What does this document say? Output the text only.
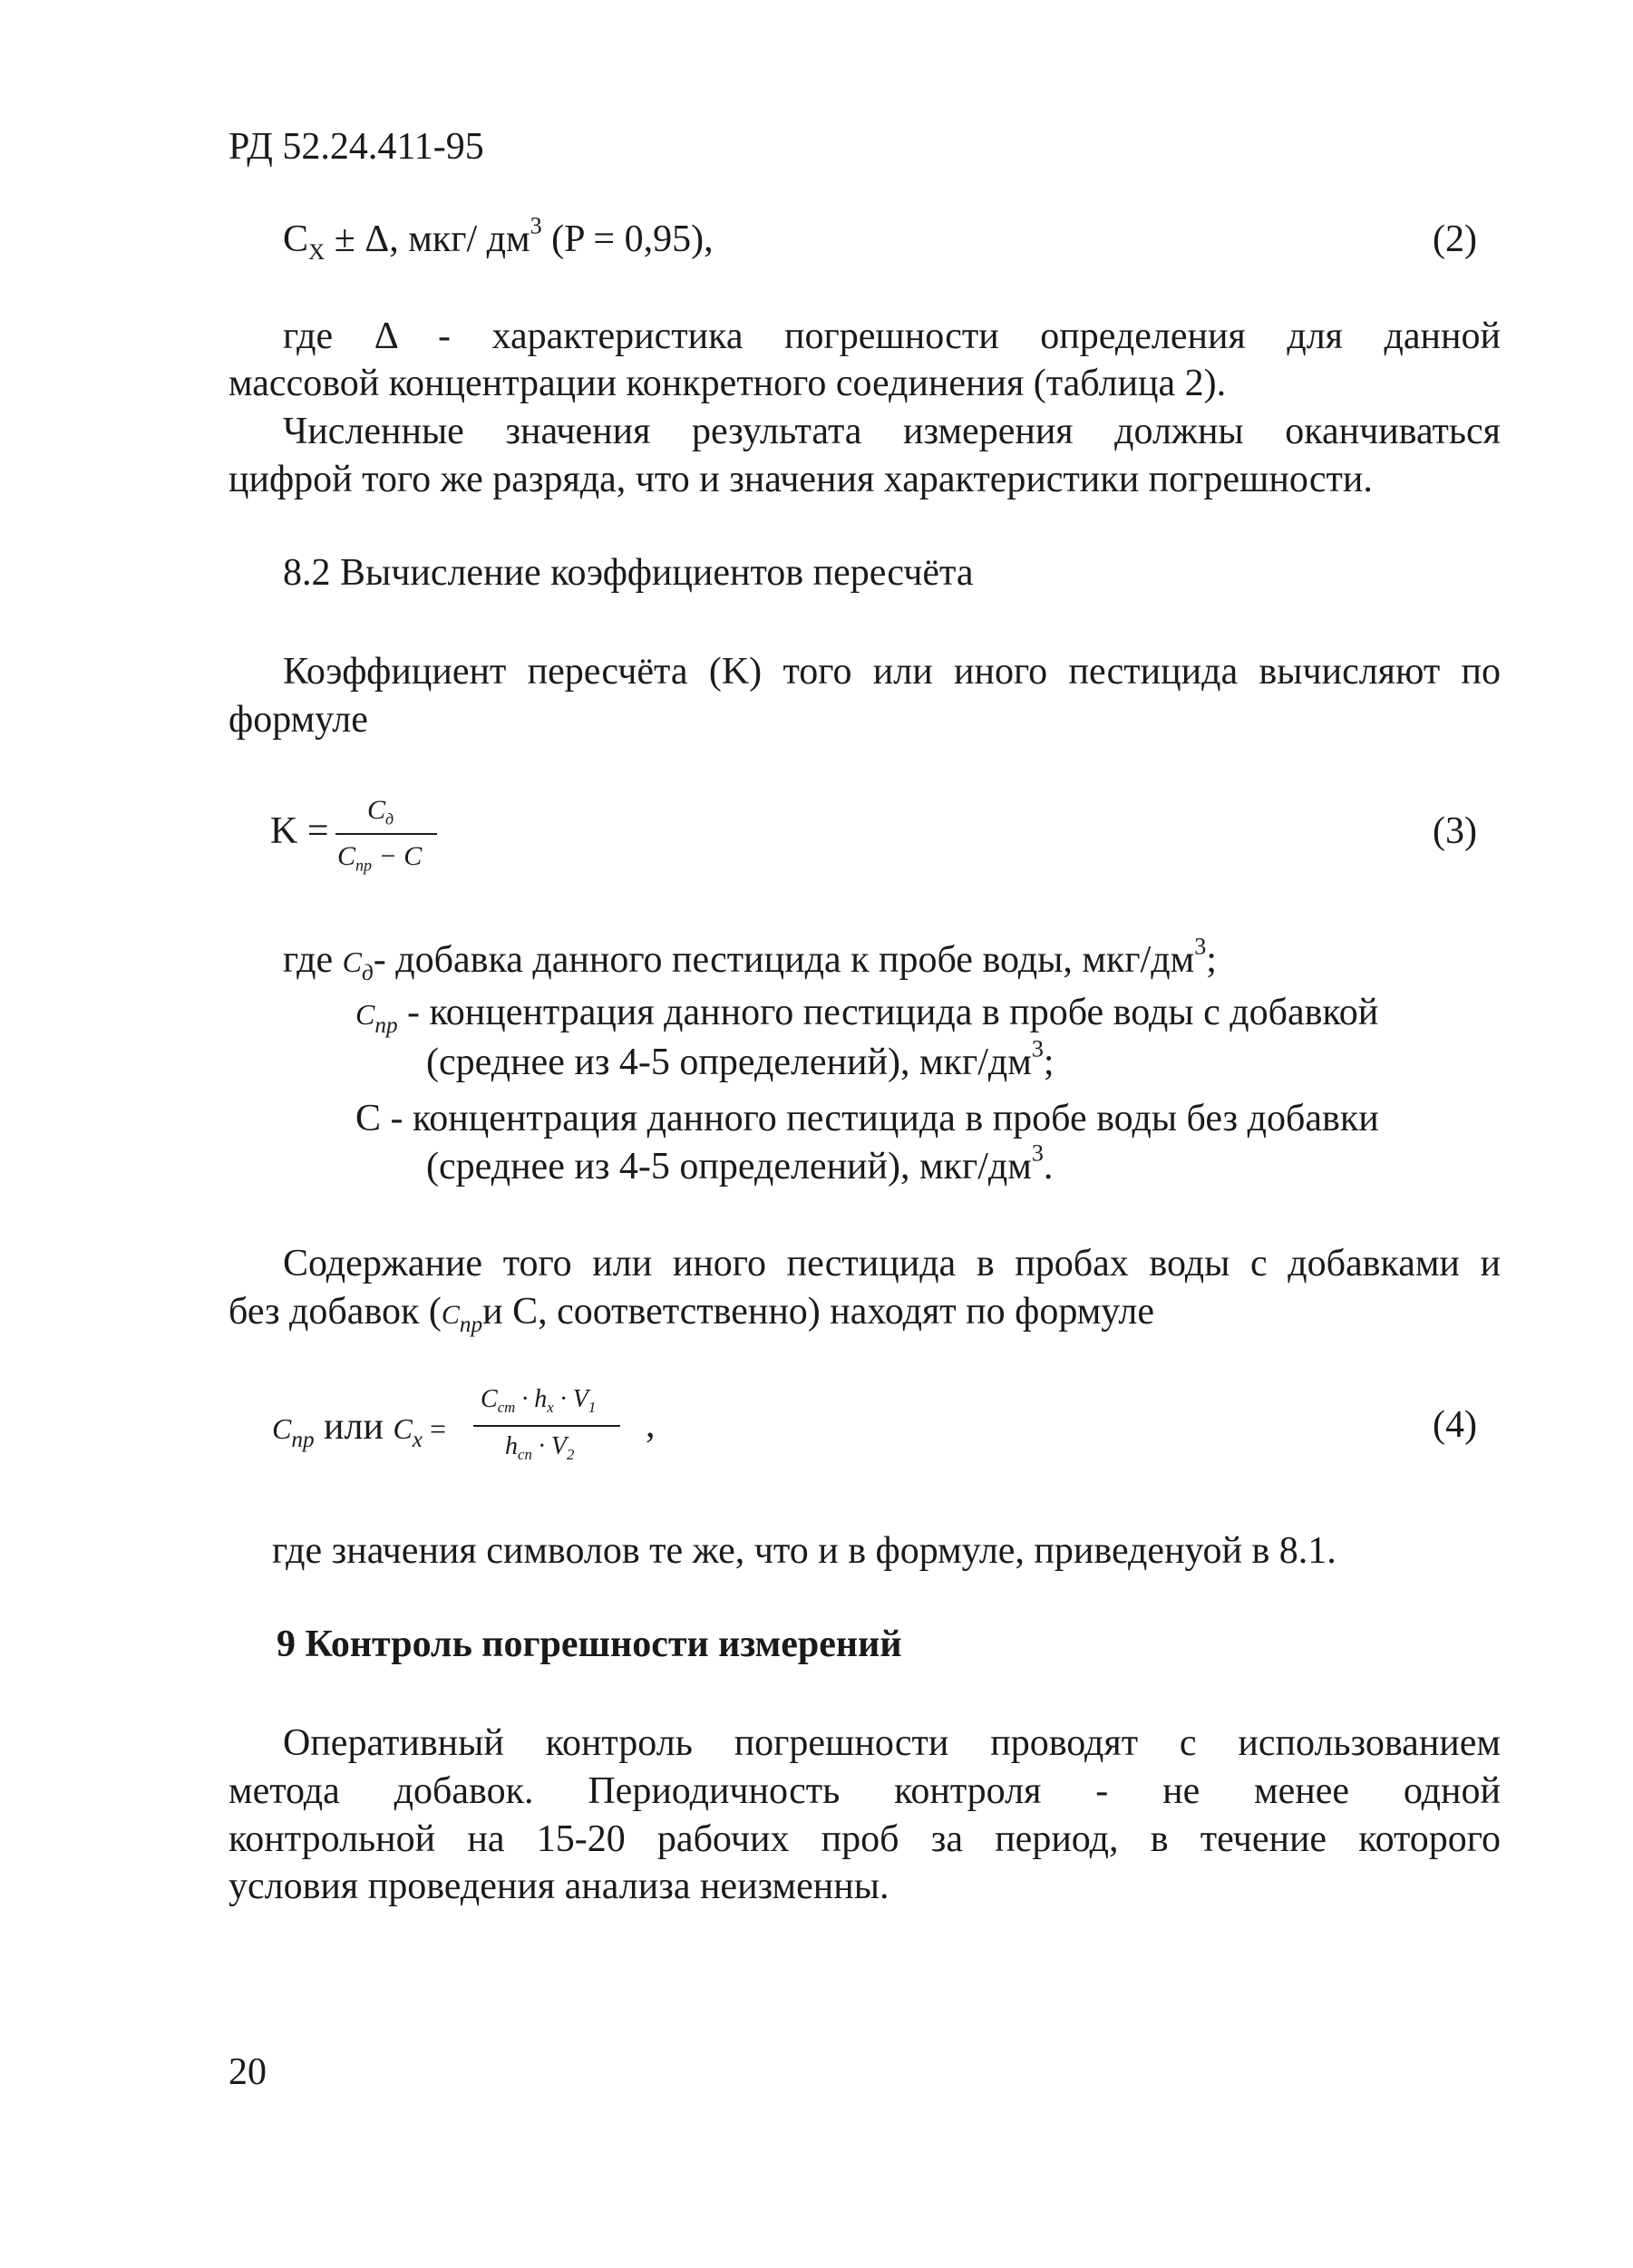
РД 52.24.411-95
$C_X \pm \Delta$, мкг/ $дм^3$ (P = 0,95),	(2)
где Δ - характеристика погрешности определения для данной
массовой концентрации конкретного соединения (таблица 2).
Численные значения результата измерения должны оканчиваться
цифрой того же разряда, что и значения характеристики погрешности.
8.2 Вычисление коэффициентов пересчёта
Коэффициент пересчёта (K) того или иного пестицида вычисляют по
формуле
K =
$C_д$
$C_{пр} - C$
(3)
где $C_д-$ добавка данного пестицида к пробе воды, мкг/$дм^3$;
$C_{пр}$ - концентрация данного пестицида в пробе воды с добавкой
(среднее из 4-5 определений), мкг/$дм^3$;
C - концентрация данного пестицида в пробе воды без добавки
(среднее из 4-5 определений), мкг/$дм^3$.
Содержание того или иного пестицида в пробах воды с добавками и
без добавок ($C_{пр}и$ C, соответственно) находят по формуле
$C_{пр}$ или $C_x$ =
$C_{cm} \cdot h_x \cdot V_1$
$h_{cn} \cdot V_2$
,	(4)
где значения символов те же, что и в формуле, приведенуой в 8.1.
9 Контроль погрешности измерений
Оперативный контроль погрешности проводят с использованием
метода добавок. Периодичность контроля - не менее одной
контрольной на 15-20 рабочих проб за период, в течение которого
условия проведения анализа неизменны.
20
